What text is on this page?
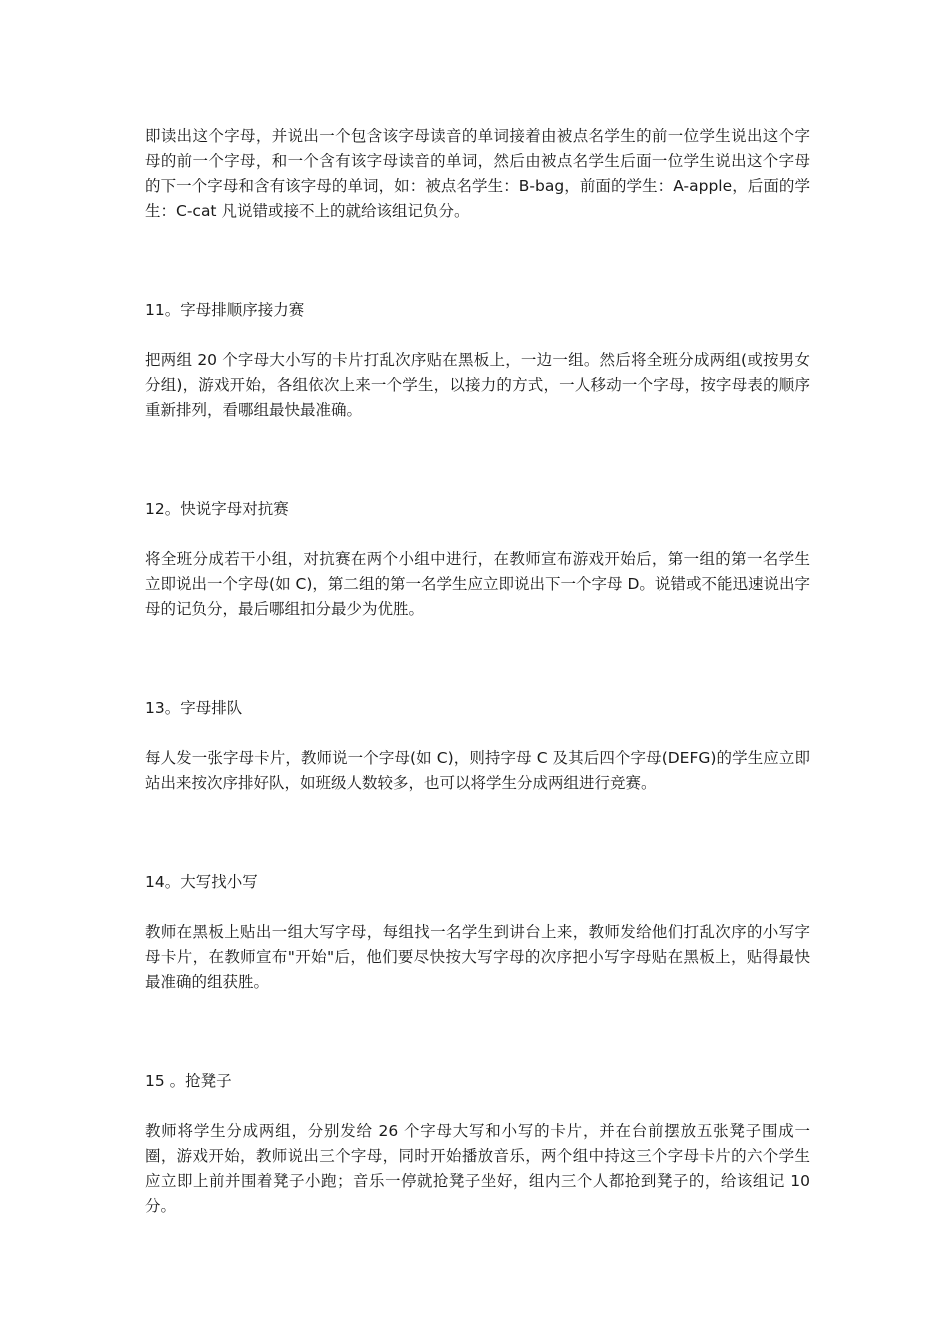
即读出这个字母，并说出一个包含该字母读音的单词接着由被点名学生的前一位学生说出这个字母的前一个字母，和一个含有该字母读音的单词，然后由被点名学生后面一位学生说出这个字母的下一个字母和含有该字母的单词，如：被点名学生：B-bag，前面的学生：A-apple，后面的学生：C-cat 凡说错或接不上的就给该组记负分。

11。字母排顺序接力赛

把两组 20 个字母大小写的卡片打乱次序贴在黑板上，一边一组。然后将全班分成两组(或按男女分组)，游戏开始，各组依次上来一个学生，以接力的方式，一人移动一个字母，按字母表的顺序重新排列，看哪组最快最准确。

12。快说字母对抗赛

将全班分成若干小组，对抗赛在两个小组中进行，在教师宣布游戏开始后，第一组的第一名学生立即说出一个字母(如 C)，第二组的第一名学生应立即说出下一个字母 D。说错或不能迅速说出字母的记负分，最后哪组扣分最少为优胜。

13。字母排队

每人发一张字母卡片，教师说一个字母(如 C)，则持字母 C 及其后四个字母(DEFG)的学生应立即站出来按次序排好队，如班级人数较多，也可以将学生分成两组进行竞赛。

14。大写找小写

教师在黑板上贴出一组大写字母，每组找一名学生到讲台上来，教师发给他们打乱次序的小写字母卡片，在教师宣布"开始"后，他们要尽快按大写字母的次序把小写字母贴在黑板上，贴得最快最准确的组获胜。

15 。抢凳子

教师将学生分成两组，分别发给 26 个字母大写和小写的卡片，并在台前摆放五张凳子围成一圈，游戏开始，教师说出三个字母，同时开始播放音乐，两个组中持这三个字母卡片的六个学生应立即上前并围着凳子小跑；音乐一停就抢凳子坐好，组内三个人都抢到凳子的，给该组记 10 分。
